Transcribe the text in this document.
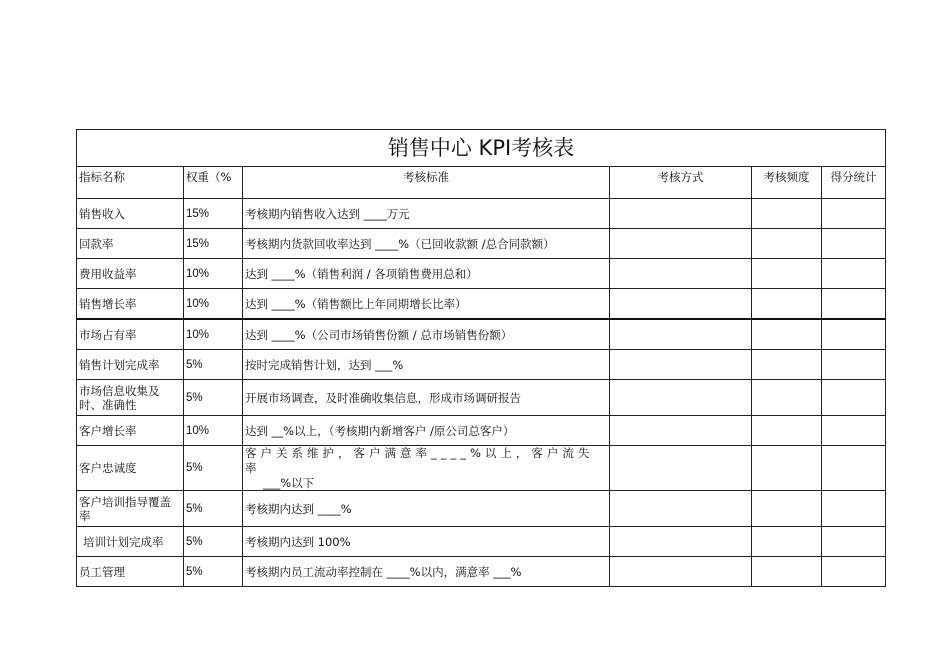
销售中心 KPI考核表					
指标名称	权重（%	考核标准	考核方式	考核频度	得分统计
销售收入	15%	考核期内销售收入达到 ____万元			
回款率	15%	考核期内货款回收率达到 ____%（已回收款额 /总合同款额）			
费用收益率	10%	达到 ____%（销售利润 / 各项销售费用总和）			
销售增长率	10%	达到 ____%（销售额比上年同期增长比率）			
市场占有率	10%	达到 ____%（公司市场销售份额 / 总市场销售份额）			
销售计划完成率	5%	按时完成销售计划，达到 ___%			
市场信息收集及时、准确性	5%	开展市场调查，及时准确收集信息，形成市场调研报告			
客户增长率	10%	达到 __%以上，（考核期内新增客户 /原公司总客户）			
客户忠诚度	5%	客户关系维护，客户满意率____%以上，客户流失率
___%以下			

客户培训指导覆盖率	5%	考核期内达到 ____%			
培训计划完成率	5%	考核期内达到 100%			
员工管理	5%	考核期内员工流动率控制在 ____%以内，满意率 ___%			
